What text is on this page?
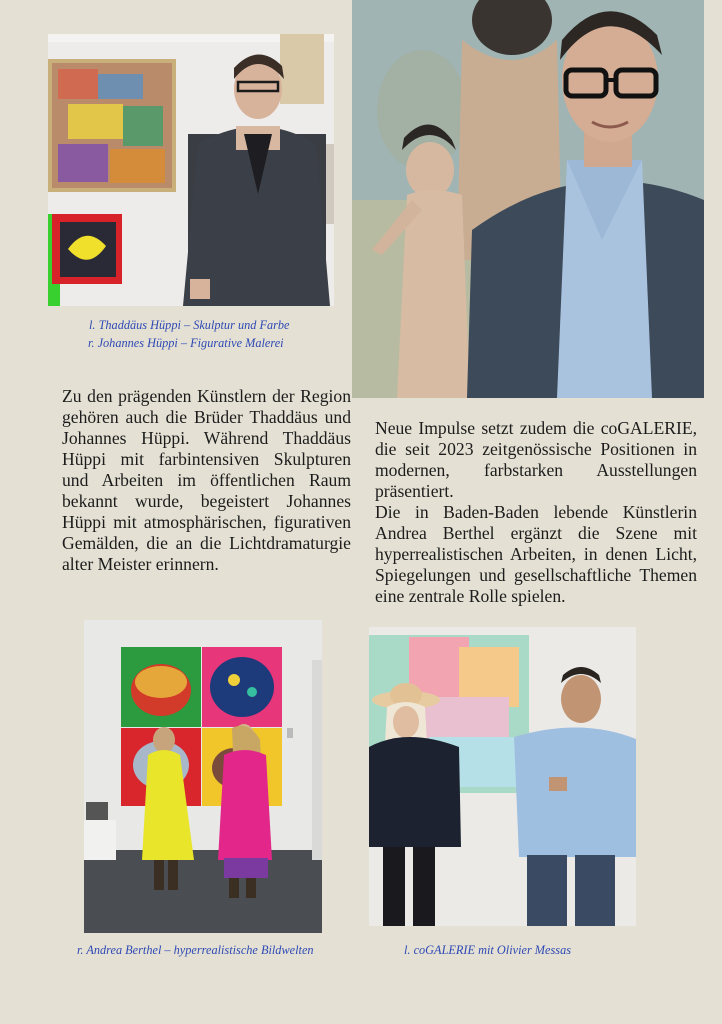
l. Thaddäus Hüppi – Skulptur und Farbe
r. Johannes Hüppi – Figurative Malerei

Zu den prägenden Künstlern der Region gehören auch die Brüder Thaddäus und Johannes Hüppi. Während Thaddäus Hüppi mit farbintensiven Skulpturen und Arbeiten im öffentlichen Raum bekannt wurde, begeistert Johannes Hüppi mit atmosphärischen, figurativen Gemälden, die an die Lichtdramaturgie alter Meister erinnern.

Neue Impulse setzt zudem die coGALERIE, die seit 2023 zeitgenössische Positionen in modernen, farbstarken Ausstellungen präsentiert.

Die in Baden-Baden lebende Künstlerin Andrea Berthel ergänzt die Szene mit hyperrealistischen Arbeiten, in denen Licht, Spiegelungen und gesellschaftliche Themen eine zentrale Rolle spielen.

r. Andrea Berthel – hyperrealistische Bildwelten	l. coGALERIE mit Olivier Messas
